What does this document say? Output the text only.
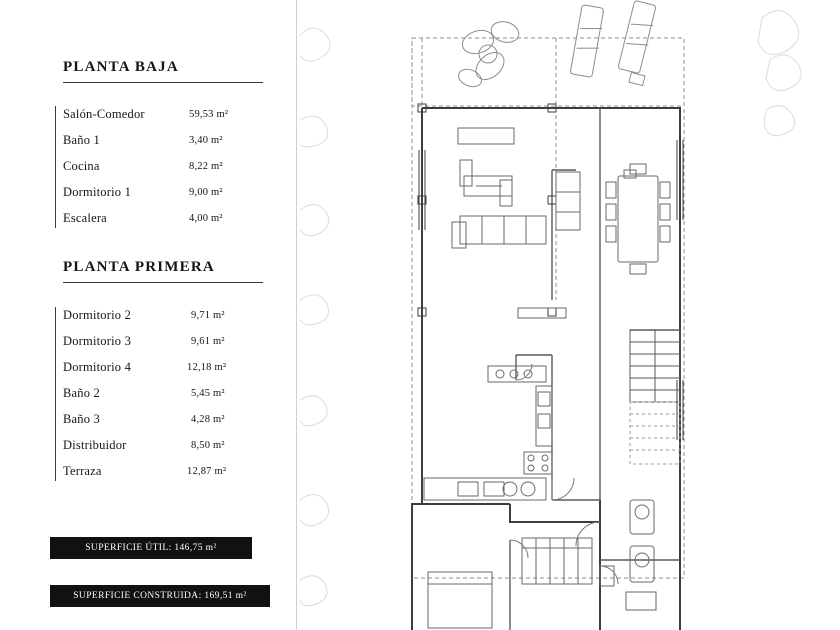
PLANTA BAJA
Salón-Comedor	59,53 m²
Baño 1	3,40 m²
Cocina	8,22 m²
Dormitorio 1	9,00 m²
Escalera	4,00 m²
PLANTA PRIMERA
Dormitorio 2	9,71 m²
Dormitorio 3	9,61 m²
Dormitorio 4	12,18 m²
Baño 2	5,45 m²
Baño 3	4,28 m²
Distribuidor	8,50 m²
Terraza	12,87 m²
SUPERFICIE ÚTIL: 146,75 m²
SUPERFICIE CONSTRUIDA: 169,51 m²
